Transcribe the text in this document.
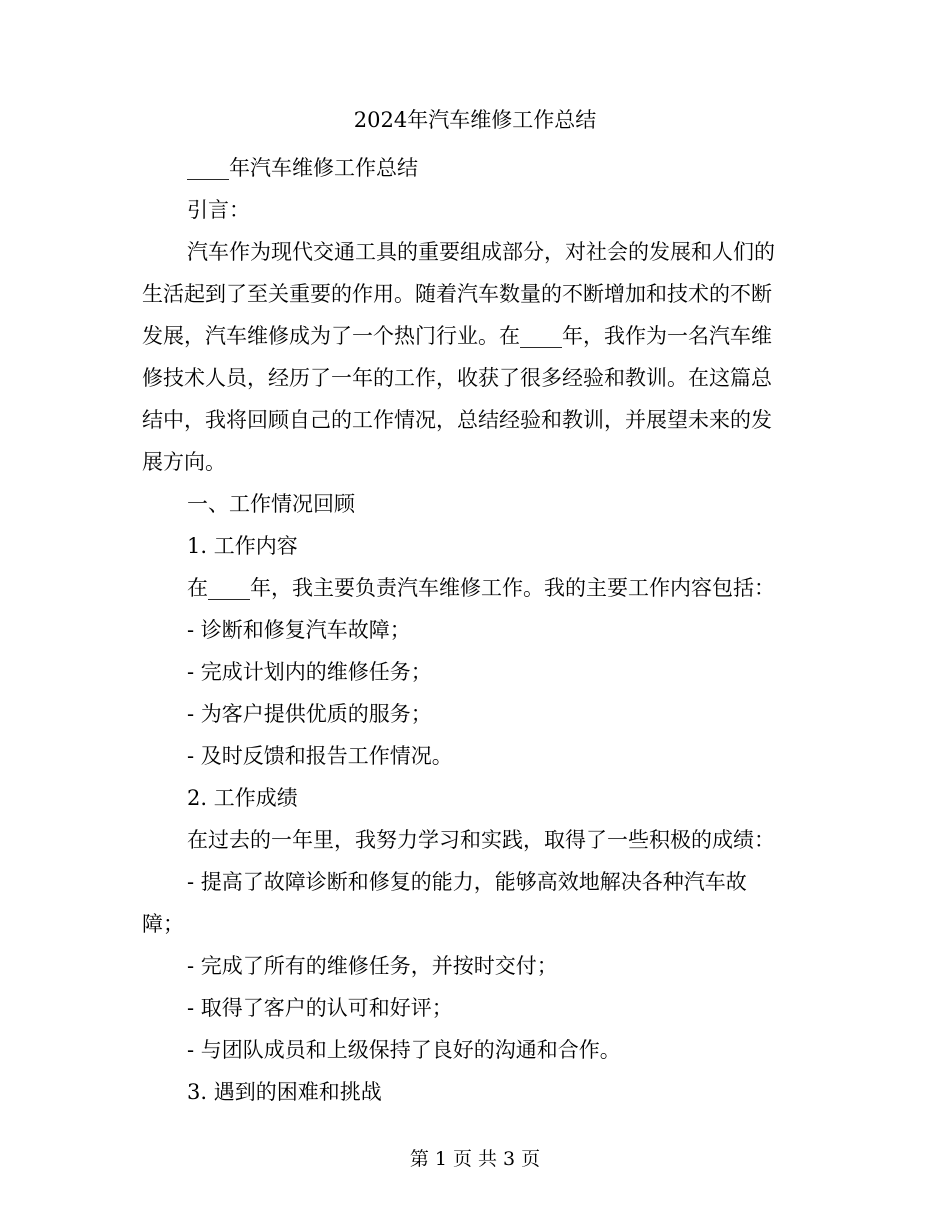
2024年汽车维修工作总结
____年汽车维修工作总结
引言：
汽车作为现代交通工具的重要组成部分，对社会的发展和人们的
生活起到了至关重要的作用。随着汽车数量的不断增加和技术的不断
发展，汽车维修成为了一个热门行业。在____年，我作为一名汽车维
修技术人员，经历了一年的工作，收获了很多经验和教训。在这篇总
结中，我将回顾自己的工作情况，总结经验和教训，并展望未来的发
展方向。
一、工作情况回顾
1. 工作内容
在____年，我主要负责汽车维修工作。我的主要工作内容包括：
- 诊断和修复汽车故障；
- 完成计划内的维修任务；
- 为客户提供优质的服务；
- 及时反馈和报告工作情况。
2. 工作成绩
在过去的一年里，我努力学习和实践，取得了一些积极的成绩：
- 提高了故障诊断和修复的能力，能够高效地解决各种汽车故
障；
- 完成了所有的维修任务，并按时交付；
- 取得了客户的认可和好评；
- 与团队成员和上级保持了良好的沟通和合作。
3. 遇到的困难和挑战
第 1 页 共 3 页
